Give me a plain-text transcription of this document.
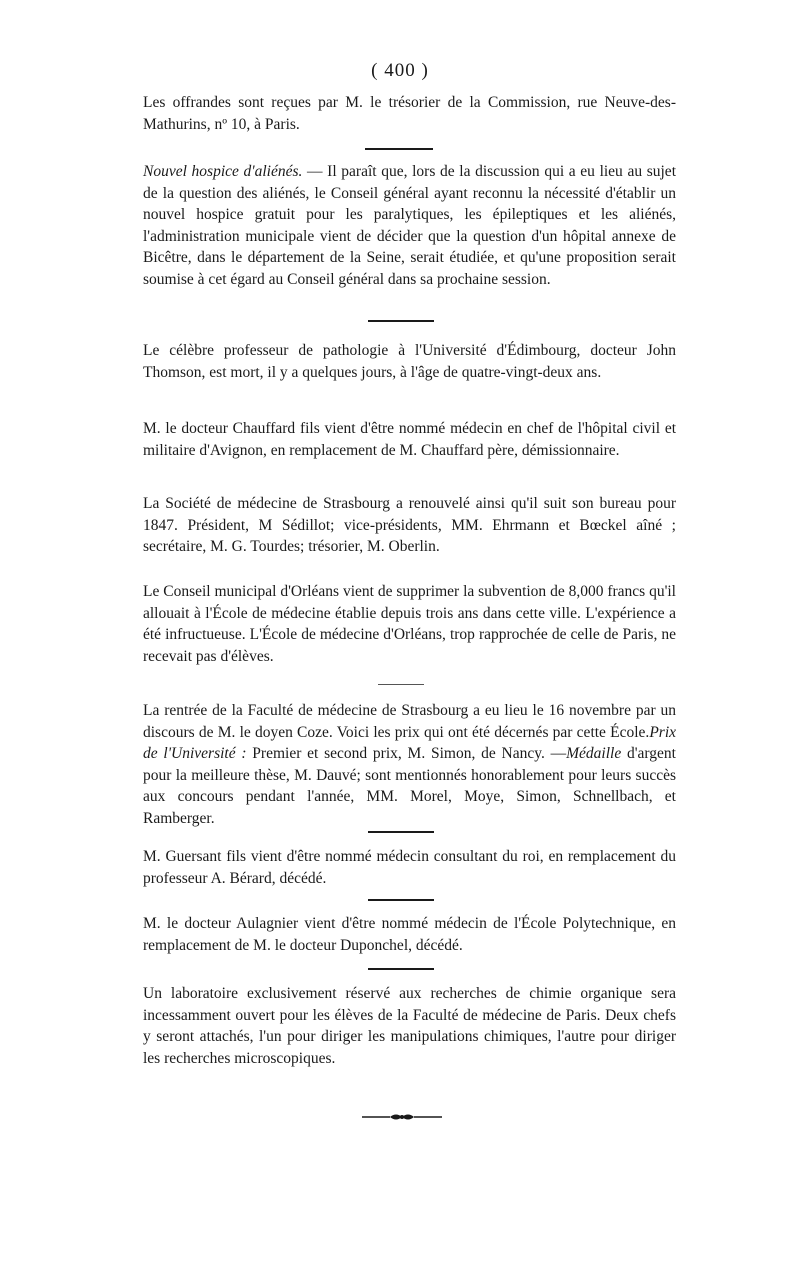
( 400 )
Les offrandes sont reçues par M. le trésorier de la Commission, rue Neuve-des-Mathurins, nº 10, à Paris.
Nouvel hospice d'aliénés. — Il paraît que, lors de la discussion qui a eu lieu au sujet de la question des aliénés, le Conseil général ayant reconnu la nécessité d'établir un nouvel hospice gratuit pour les paralytiques, les épileptiques et les aliénés, l'administration municipale vient de décider que la question d'un hôpital annexe de Bicêtre, dans le département de la Seine, serait étudiée, et qu'une proposition serait soumise à cet égard au Conseil général dans sa prochaine session.
Le célèbre professeur de pathologie à l'Université d'Édimbourg, docteur John Thomson, est mort, il y a quelques jours, à l'âge de quatre-vingt-deux ans.
M. le docteur Chauffard fils vient d'être nommé médecin en chef de l'hôpital civil et militaire d'Avignon, en remplacement de M. Chauffard père, démissionnaire.
La Société de médecine de Strasbourg a renouvelé ainsi qu'il suit son bureau pour 1847. Président, M Sédillot; vice-présidents, MM. Ehrmann et Bœckel aîné ; secrétaire, M. G. Tourdes; trésorier, M. Oberlin.
Le Conseil municipal d'Orléans vient de supprimer la subvention de 8,000 francs qu'il allouait à l'École de médecine établie depuis trois ans dans cette ville. L'expérience a été infructueuse. L'École de médecine d'Orléans, trop rapprochée de celle de Paris, ne recevait pas d'élèves.
La rentrée de la Faculté de médecine de Strasbourg a eu lieu le 16 novembre par un discours de M. le doyen Coze. Voici les prix qui ont été décernés par cette École.Prix de l'Université : Premier et second prix, M. Simon, de Nancy. —Médaille d'argent pour la meilleure thèse, M. Dauvé; sont mentionnés honorablement pour leurs succès aux concours pendant l'année, MM. Morel, Moye, Simon, Schnellbach, et Ramberger.
M. Guersant fils vient d'être nommé médecin consultant du roi, en remplacement du professeur A. Bérard, décédé.
M. le docteur Aulagnier vient d'être nommé médecin de l'École Polytechnique, en remplacement de M. le docteur Duponchel, décédé.
Un laboratoire exclusivement réservé aux recherches de chimie organique sera incessamment ouvert pour les élèves de la Faculté de médecine de Paris. Deux chefs y seront attachés, l'un pour diriger les manipulations chimiques, l'autre pour diriger les recherches microscopiques.
